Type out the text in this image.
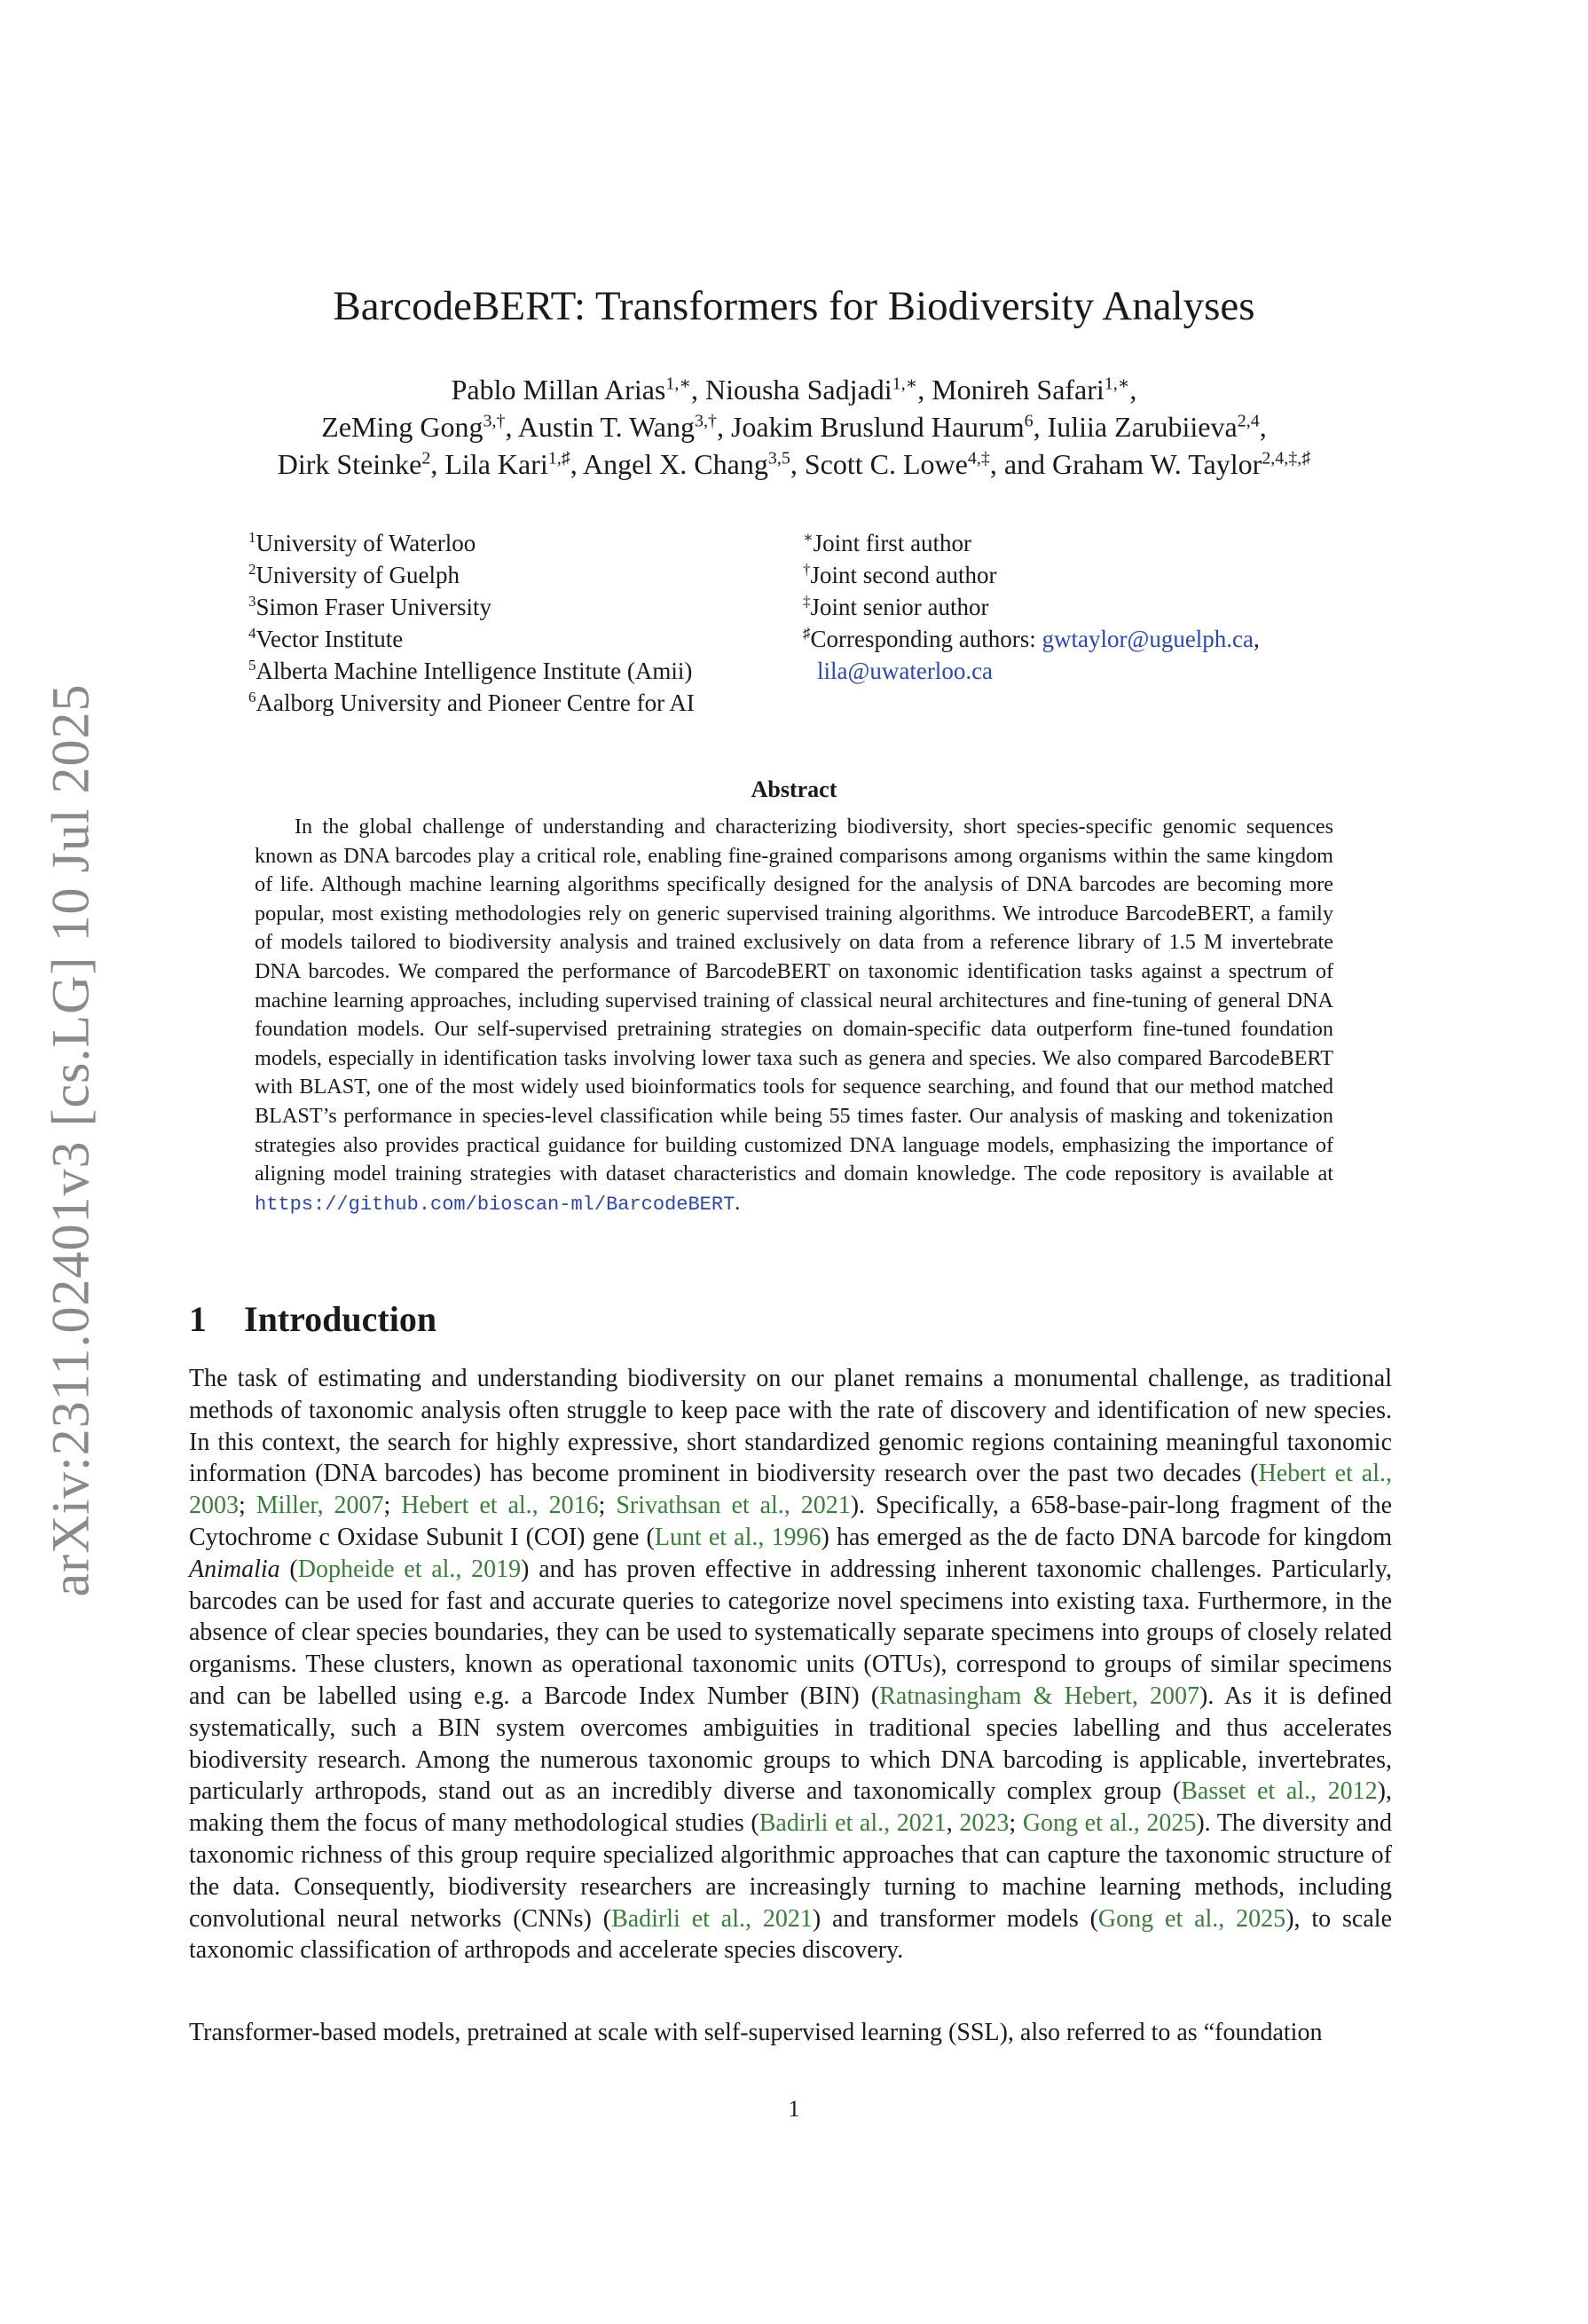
arXiv:2311.02401v3 [cs.LG] 10 Jul 2025
BarcodeBERT: Transformers for Biodiversity Analyses
Pablo Millan Arias$^{1,∗}$, Niousha Sadjadi$^{1,∗}$, Monireh Safari$^{1,∗}$,
ZeMing Gong$^{3,\dagger}$, Austin T. Wang$^{3,\dagger}$, Joakim Bruslund Haurum$^6$, Iuliia Zarubiieva$^{2,4}$,
Dirk Steinke$^2$, Lila Kari$^{1,♯}$, Angel X. Chang$^{3,5}$, Scott C. Lowe$^{4,\ddagger}$, and Graham W. Taylor$^{2,4,\ddagger,♯}$
$^1$University of Waterloo
$^2$University of Guelph
$^3$Simon Fraser University
$^4$Vector Institute
$^5$Alberta Machine Intelligence Institute (Amii)
$^6$Aalborg University and Pioneer Centre for AI
∗Joint first author
†Joint second author
‡Joint senior author
♯Corresponding authors: gwtaylor@uguelph.ca,
lila@uwaterloo.ca
Abstract

In the global challenge of understanding and characterizing biodiversity, short species-specific genomic sequences known as DNA barcodes play a critical role, enabling fine-grained comparisons among organisms within the same kingdom of life. Although machine learning algorithms specifically designed for the analysis of DNA barcodes are becoming more popular, most existing methodologies rely on generic supervised training algorithms. We introduce BarcodeBERT, a family of models tailored to biodiversity analysis and trained exclusively on data from a reference library of 1.5 M invertebrate DNA barcodes. We compared the performance of BarcodeBERT on taxonomic identification tasks against a spectrum of machine learning approaches, including supervised training of classical neural architectures and fine-tuning of general DNA foundation models. Our self-supervised pretraining strategies on domain-specific data outperform fine-tuned foundation models, especially in identification tasks involving lower taxa such as genera and species. We also compared BarcodeBERT with BLAST, one of the most widely used bioinformatics tools for sequence searching, and found that our method matched BLAST’s performance in species-level classification while being 55 times faster. Our analysis of masking and tokenization strategies also provides practical guidance for building customized DNA language models, emphasizing the importance of aligning model training strategies with dataset characteristics and domain knowledge. The code repository is available at https://github.com/bioscan-ml/BarcodeBERT.

1 Introduction

The task of estimating and understanding biodiversity on our planet remains a monumental challenge, as traditional methods of taxonomic analysis often struggle to keep pace with the rate of discovery and identification of new species. In this context, the search for highly expressive, short standardized genomic regions containing meaningful taxonomic information (DNA barcodes) has become prominent in biodiversity research over the past two decades (Hebert et al., 2003; Miller, 2007; Hebert et al., 2016; Srivathsan et al., 2021). Specifically, a 658-base-pair-long fragment of the Cytochrome c Oxidase Subunit I (COI) gene (Lunt et al., 1996) has emerged as the de facto DNA barcode for kingdom Animalia (Dopheide et al., 2019) and has proven effective in addressing inherent taxonomic challenges. Particularly, barcodes can be used for fast and accurate queries to categorize novel specimens into existing taxa. Furthermore, in the absence of clear species boundaries, they can be used to systematically separate specimens into groups of closely related organisms. These clusters, known as operational taxonomic units (OTUs), correspond to groups of similar specimens and can be labelled using e.g. a Barcode Index Number (BIN) (Ratnasingham & Hebert, 2007). As it is defined systematically, such a BIN system overcomes ambiguities in traditional species labelling and thus accelerates biodiversity research. Among the numerous taxonomic groups to which DNA barcoding is applicable, invertebrates, particularly arthropods, stand out as an incredibly diverse and taxonomically complex group (Basset et al., 2012), making them the focus of many methodological studies (Badirli et al., 2021, 2023; Gong et al., 2025). The diversity and taxonomic richness of this group require specialized algorithmic approaches that can capture the taxonomic structure of the data. Consequently, biodiversity researchers are increasingly turning to machine learning methods, including convolutional neural networks (CNNs) (Badirli et al., 2021) and transformer models (Gong et al., 2025), to scale taxonomic classification of arthropods and accelerate species discovery.

Transformer-based models, pretrained at scale with self-supervised learning (SSL), also referred to as “foundation

1
